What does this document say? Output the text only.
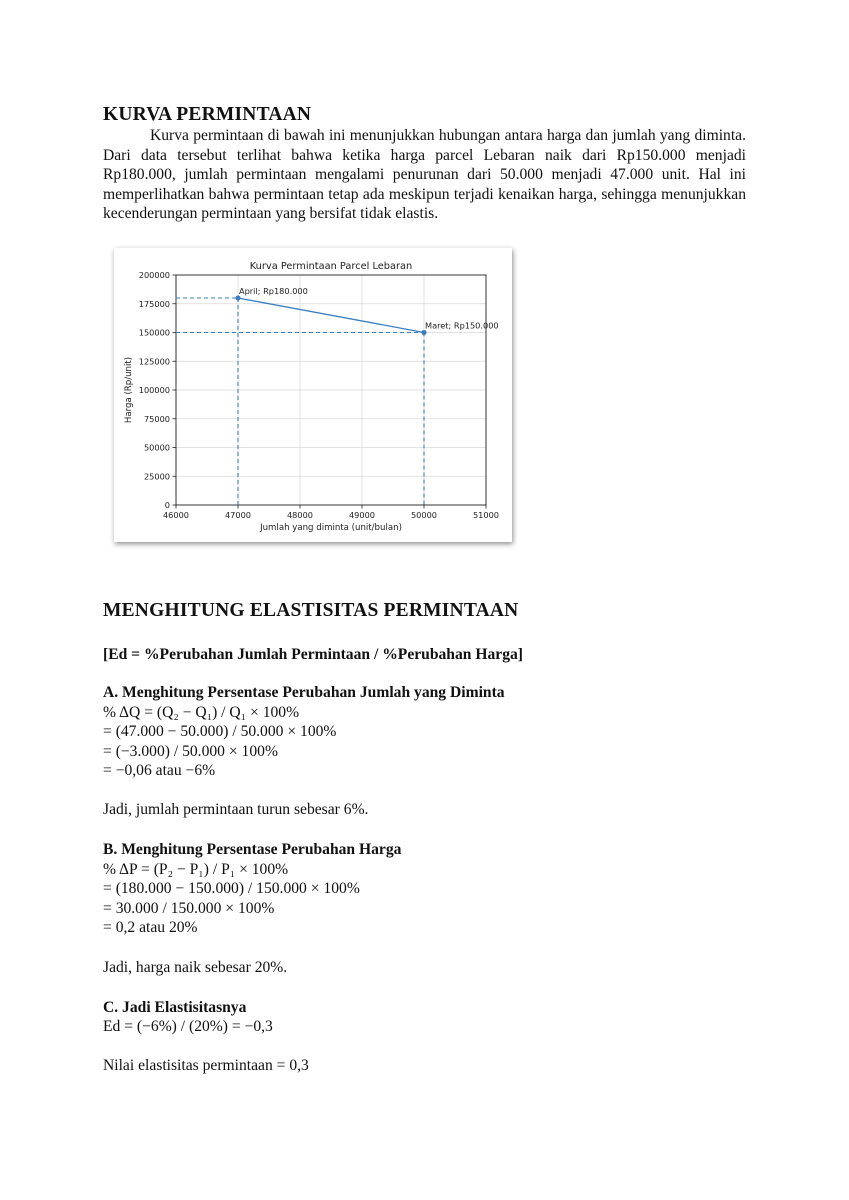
KURVA PERMINTAAN

Kurva permintaan di bawah ini menunjukkan hubungan antara harga dan jumlah yang diminta. Dari data tersebut terlihat bahwa ketika harga parcel Lebaran naik dari Rp150.000 menjadi Rp180.000, jumlah permintaan mengalami penurunan dari 50.000 menjadi 47.000 unit. Hal ini memperlihatkan bahwa permintaan tetap ada meskipun terjadi kenaikan harga, sehingga menunjukkan kecenderungan permintaan yang bersifat tidak elastis.

46000	47000	48000	49000	50000	51000
0
25000
50000
75000
100000
125000
150000
175000
200000
April; Rp180.000
Maret; Rp150.000
Kurva Permintaan Parcel Lebaran
Jumlah yang diminta (unit/bulan)
Harga (Rp/unit)
MENGHITUNG ELASTISITAS PERMINTAAN

[Ed = %Perubahan Jumlah Permintaan / %Perubahan Harga]

A. Menghitung Persentase Perubahan Jumlah yang Diminta

% ΔQ = (Q₂ − Q₁) / Q₁ × 100%

= (47.000 − 50.000) / 50.000 × 100%

= (−3.000) / 50.000 × 100%

= −0,06 atau −6%

Jadi, jumlah permintaan turun sebesar 6%.

B. Menghitung Persentase Perubahan Harga

% ΔP = (P₂ − P₁) / P₁ × 100%

= (180.000 − 150.000) / 150.000 × 100%

= 30.000 / 150.000 × 100%

= 0,2 atau 20%

Jadi, harga naik sebesar 20%.

C. Jadi Elastisitasnya

Ed = (−6%) / (20%) = −0,3

Nilai elastisitas permintaan = 0,3
